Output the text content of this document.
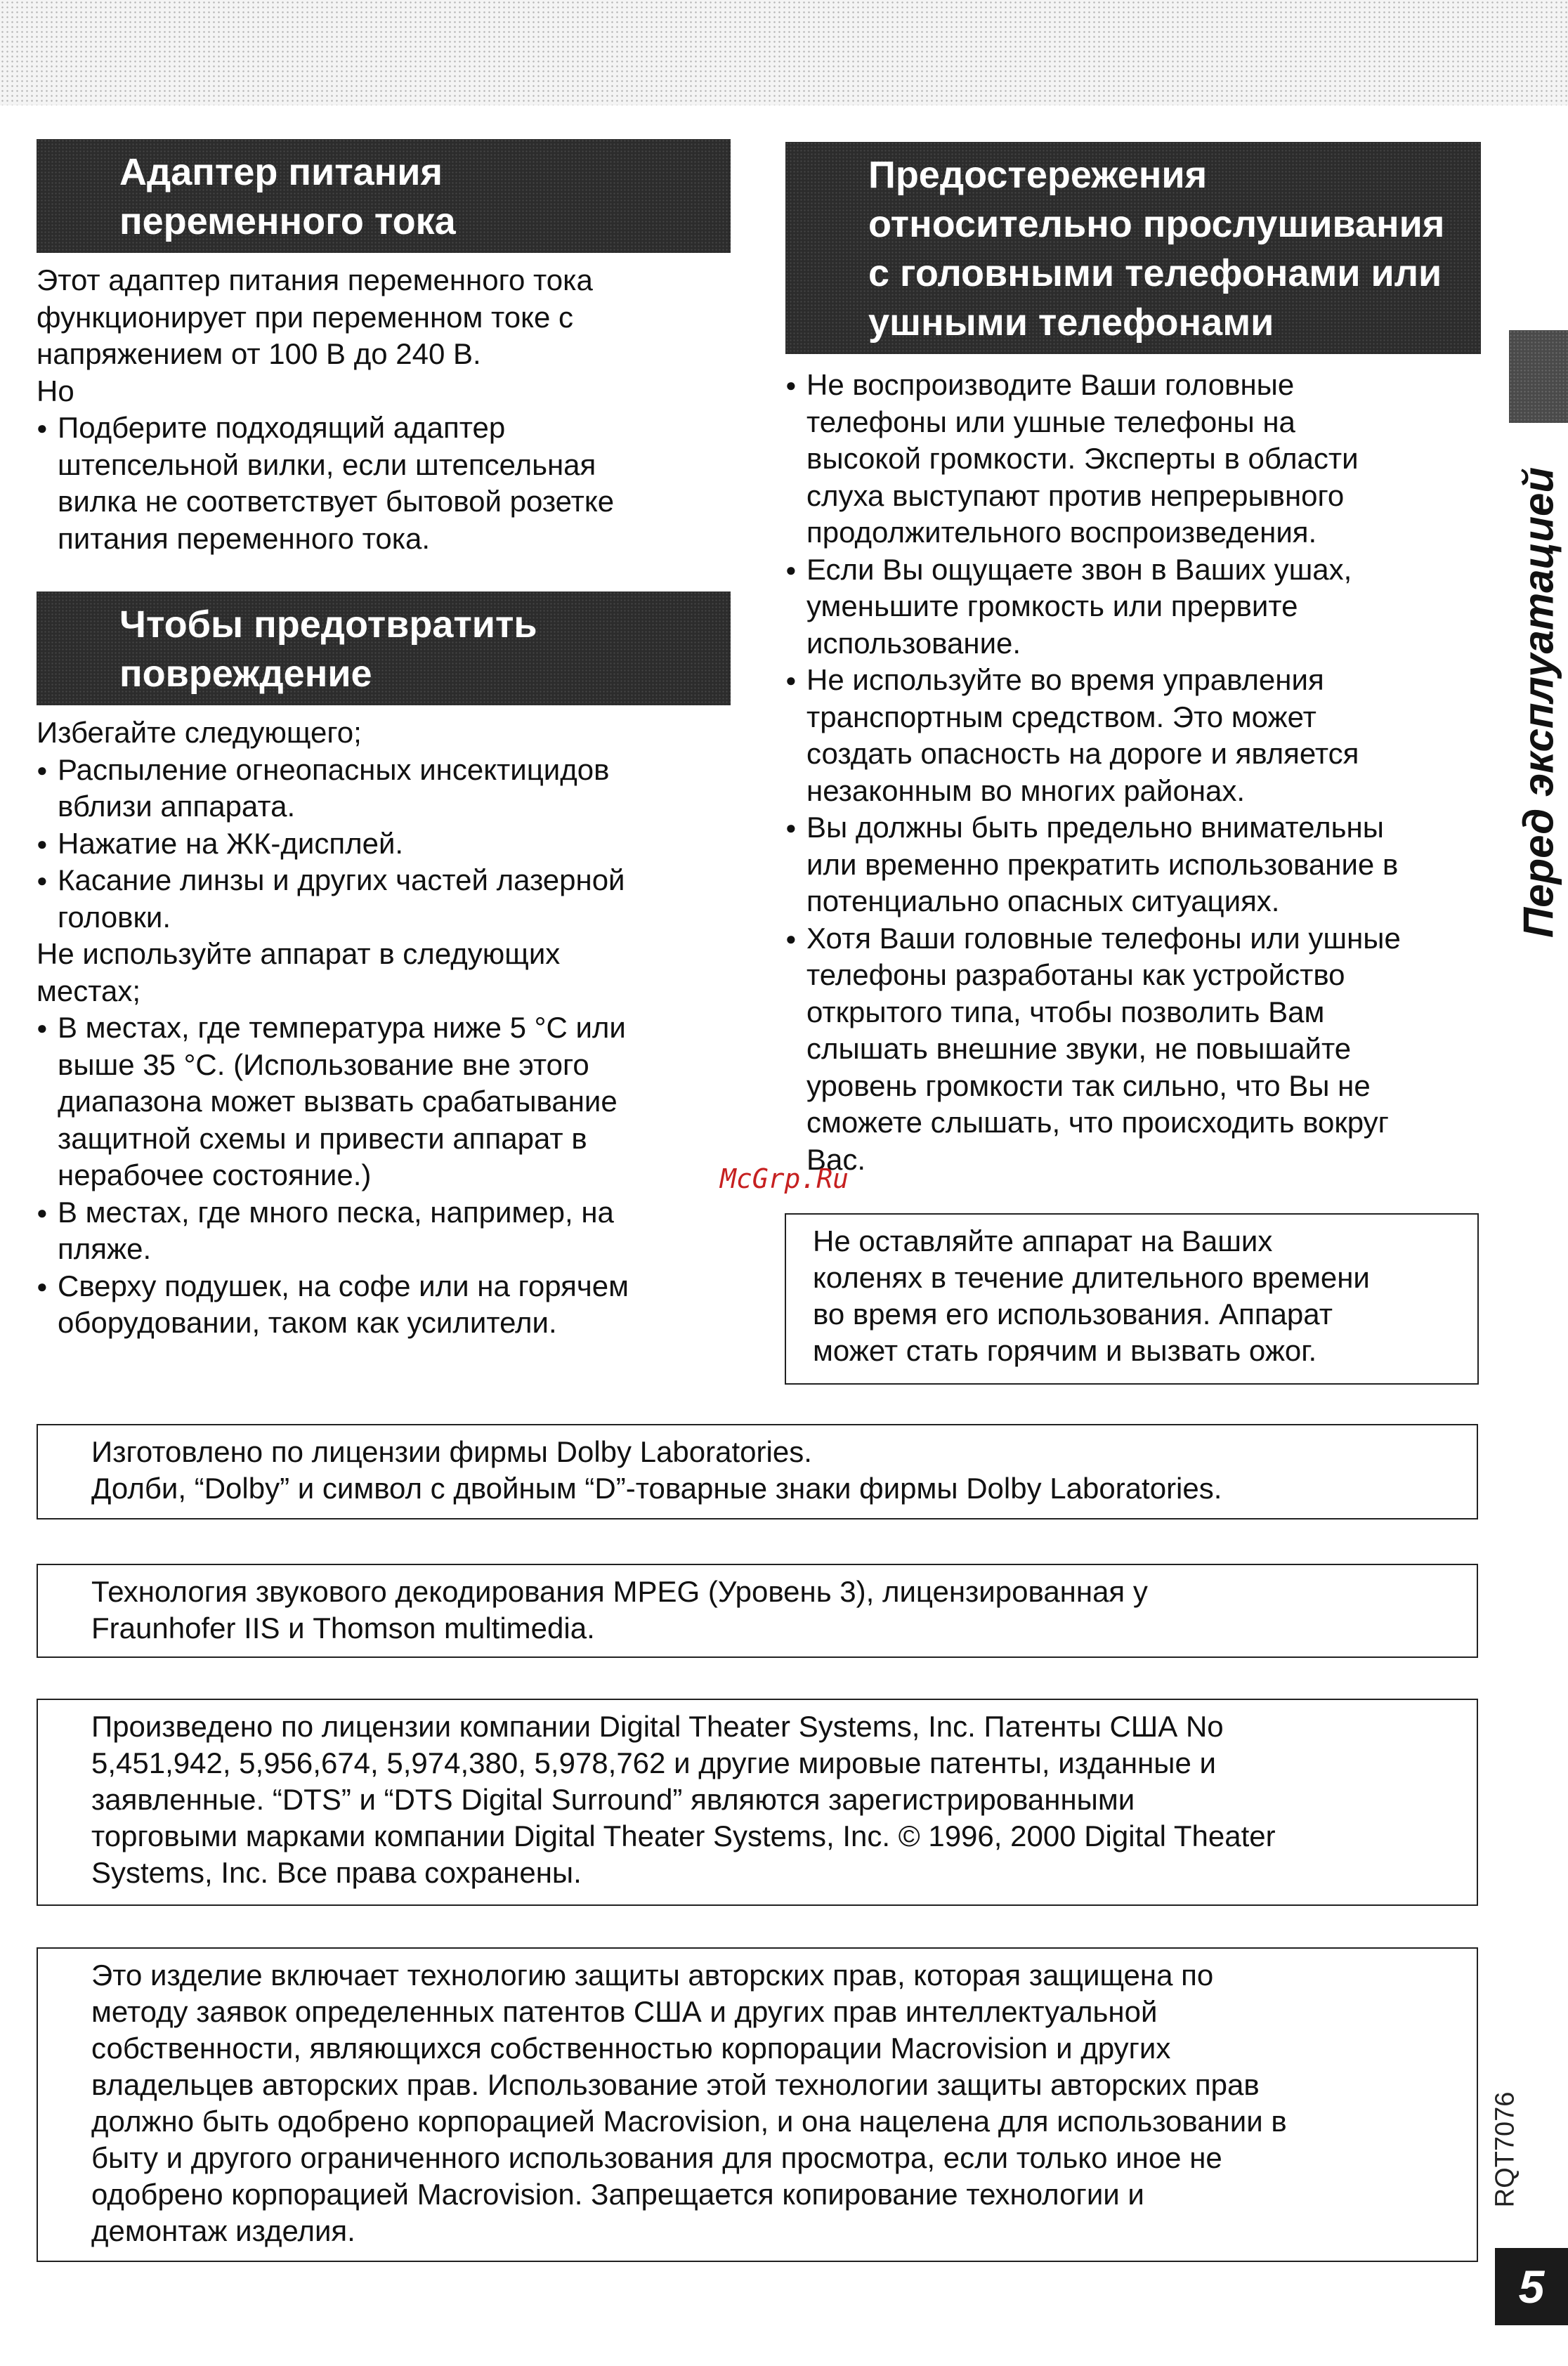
Адаптер питания
переменного тока
Этот адаптер питания переменного тока
функционирует при переменном токе с
напряжением от 100 В до 240 В.
Но
● Подберите подходящий адаптер
штепсельной вилки, если штепсельная
вилка не соответствует бытовой розетке
питания переменного тока.
Чтобы предотвратить
повреждение
Избегайте следующего;
● Распыление огнеопасных инсектицидов
вблизи аппарата.
● Нажатие на ЖК-дисплей.
● Касание линзы и других частей лазерной
головки.
Не используйте аппарат в следующих
местах;
● В местах, где температура ниже 5 °С или
выше 35 °С. (Использование вне этого
диапазона может вызвать срабатывание
защитной схемы и привести аппарат в
нерабочее состояние.)
● В местах, где много песка, например, на
пляже.
● Сверху подушек, на софе или на горячем
оборудовании, таком как усилители.
Предостережения
относительно прослушивания
с головными телефонами или
ушными телефонами
● Не воспроизводите Ваши головные
телефоны или ушные телефоны на
высокой громкости. Эксперты в области
слуха выступают против непрерывного
продолжительного воспроизведения.
● Если Вы ощущаете звон в Ваших ушах,
уменьшите громкость или прервите
использование.
● Не используйте во время управления
транспортным средством. Это может
создать опасность на дороге и является
незаконным во многих районах.
● Вы должны быть предельно внимательны
или временно прекратить использование в
потенциально опасных ситуациях.
● Хотя Ваши головные телефоны или ушные
телефоны разработаны как устройство
открытого типа, чтобы позволить Вам
слышать внешние звуки, не повышайте
уровень громкости так сильно, что Вы не
сможете слышать, что происходить вокруг
Вас.
Не оставляйте аппарат на Ваших
коленях в течение длительного времени
во время его использования. Аппарат
может стать горячим и вызвать ожог.
Изготовлено по лицензии фирмы Dolby Laboratories.
Долби, “Dolby” и символ с двойным “D”-товарные знаки фирмы Dolby Laboratories.
Технология звукового декодирования MPEG (Уровень 3), лицензированная у
Fraunhofer IIS и Thomson multimedia.
Произведено по лицензии компании Digital Theater Systems, Inc. Патенты США No
5,451,942, 5,956,674, 5,974,380, 5,978,762 и другие мировые патенты, изданные и
заявленные. “DTS” и “DTS Digital Surround” являются зарегистрированными
торговыми марками компании Digital Theater Systems, Inc. © 1996, 2000 Digital Theater
Systems, Inc. Все права сохранены.
Это изделие включает технологию защиты авторских прав, которая защищена по
методу заявок определенных патентов США и других прав интеллектуальной
собственности, являющихся собственностью корпорации Macrovision и других
владельцев авторских прав. Использование этой технологии защиты авторских прав
должно быть одобрено корпорацией Macrovision, и она нацелена для использовании в
быту и другого ограниченного использования для просмотра, если только иное не
одобрено корпорацией Macrovision. Запрещается копирование технологии и
демонтаж изделия.
Перед эксплуатацией
RQT7076
5
McGrp.Ru
